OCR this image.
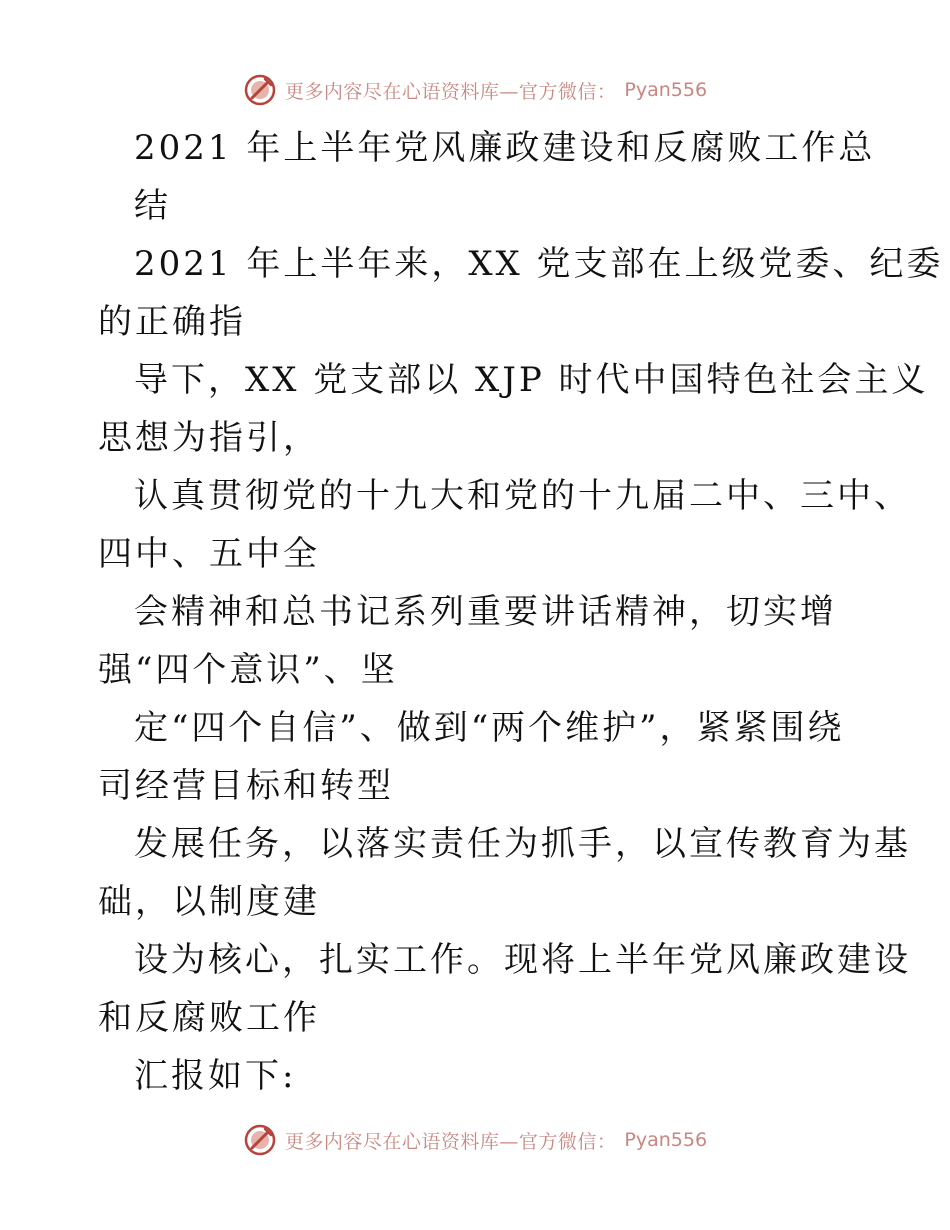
更多内容尽在心语资料库—官方微信： Pyan556
2021 年上半年党风廉政建设和反腐败工作总
结
2021 年上半年来，XX 党支部在上级党委、纪委
的正确指
导下，XX 党支部以 XJP 时代中国特色社会主义
思想为指引，
认真贯彻党的十九大和党的十九届二中、三中、
四中、五中全
会精神和总书记系列重要讲话精神，切实增
强“四个意识”、坚
定“四个自信”、做到“两个维护”，紧紧围绕
司经营目标和转型
发展任务，以落实责任为抓手，以宣传教育为基
础，以制度建
设为核心，扎实工作。现将上半年党风廉政建设
和反腐败工作
汇报如下:
更多内容尽在心语资料库—官方微信： Pyan556
